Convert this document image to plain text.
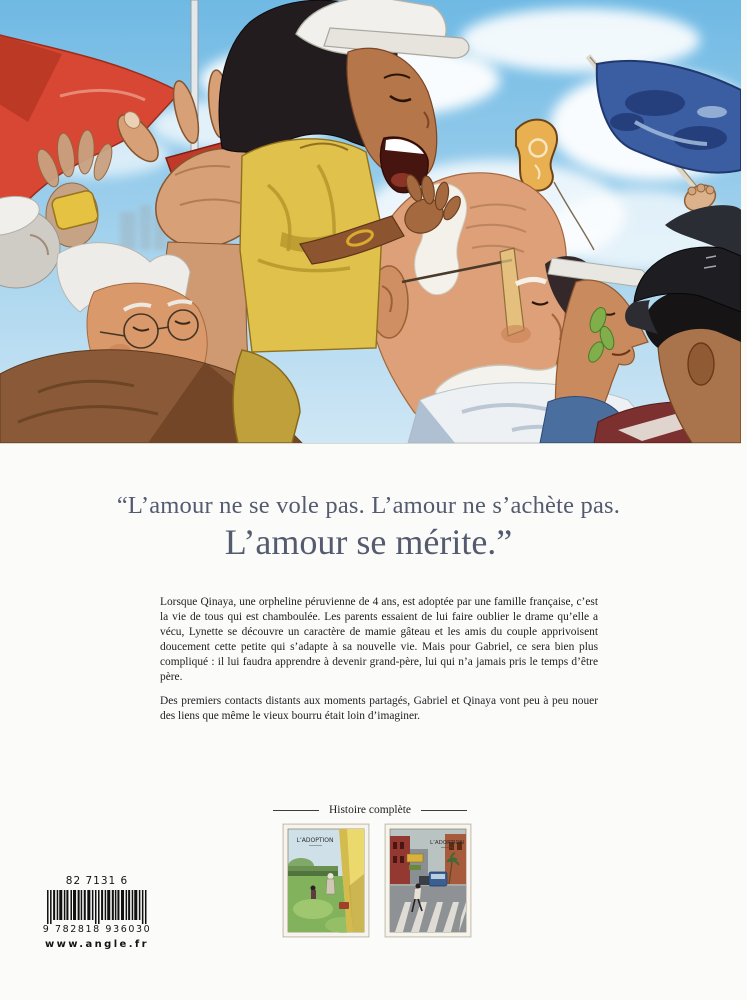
“L’amour ne se vole pas. L’amour ne s’achète pas.
L’amour se mérite.”

Lorsque Qinaya, une orpheline péruvienne de 4 ans, est adoptée par une famille française, c’est la vie de tous qui est chamboulée. Les parents essaient de lui faire oublier le drame qu’elle a vécu, Lynette se découvre un caractère de mamie gâteau et les amis du couple apprivoisent doucement cette petite qui s’adapte à sa nouvelle vie. Mais pour Gabriel, ce sera bien plus compliqué : il lui faudra apprendre à devenir grand-père, lui qui n’a jamais pris le temps d’être père.

Des premiers contacts distants aux moments partagés, Gabriel et Qinaya vont peu à peu nouer des liens que même le vieux bourru était loin d’imaginer.

Histoire complète
L’ADOPTION	L’ADOPTION
82 7131 6
9 782818 936030
www.angle.fr
